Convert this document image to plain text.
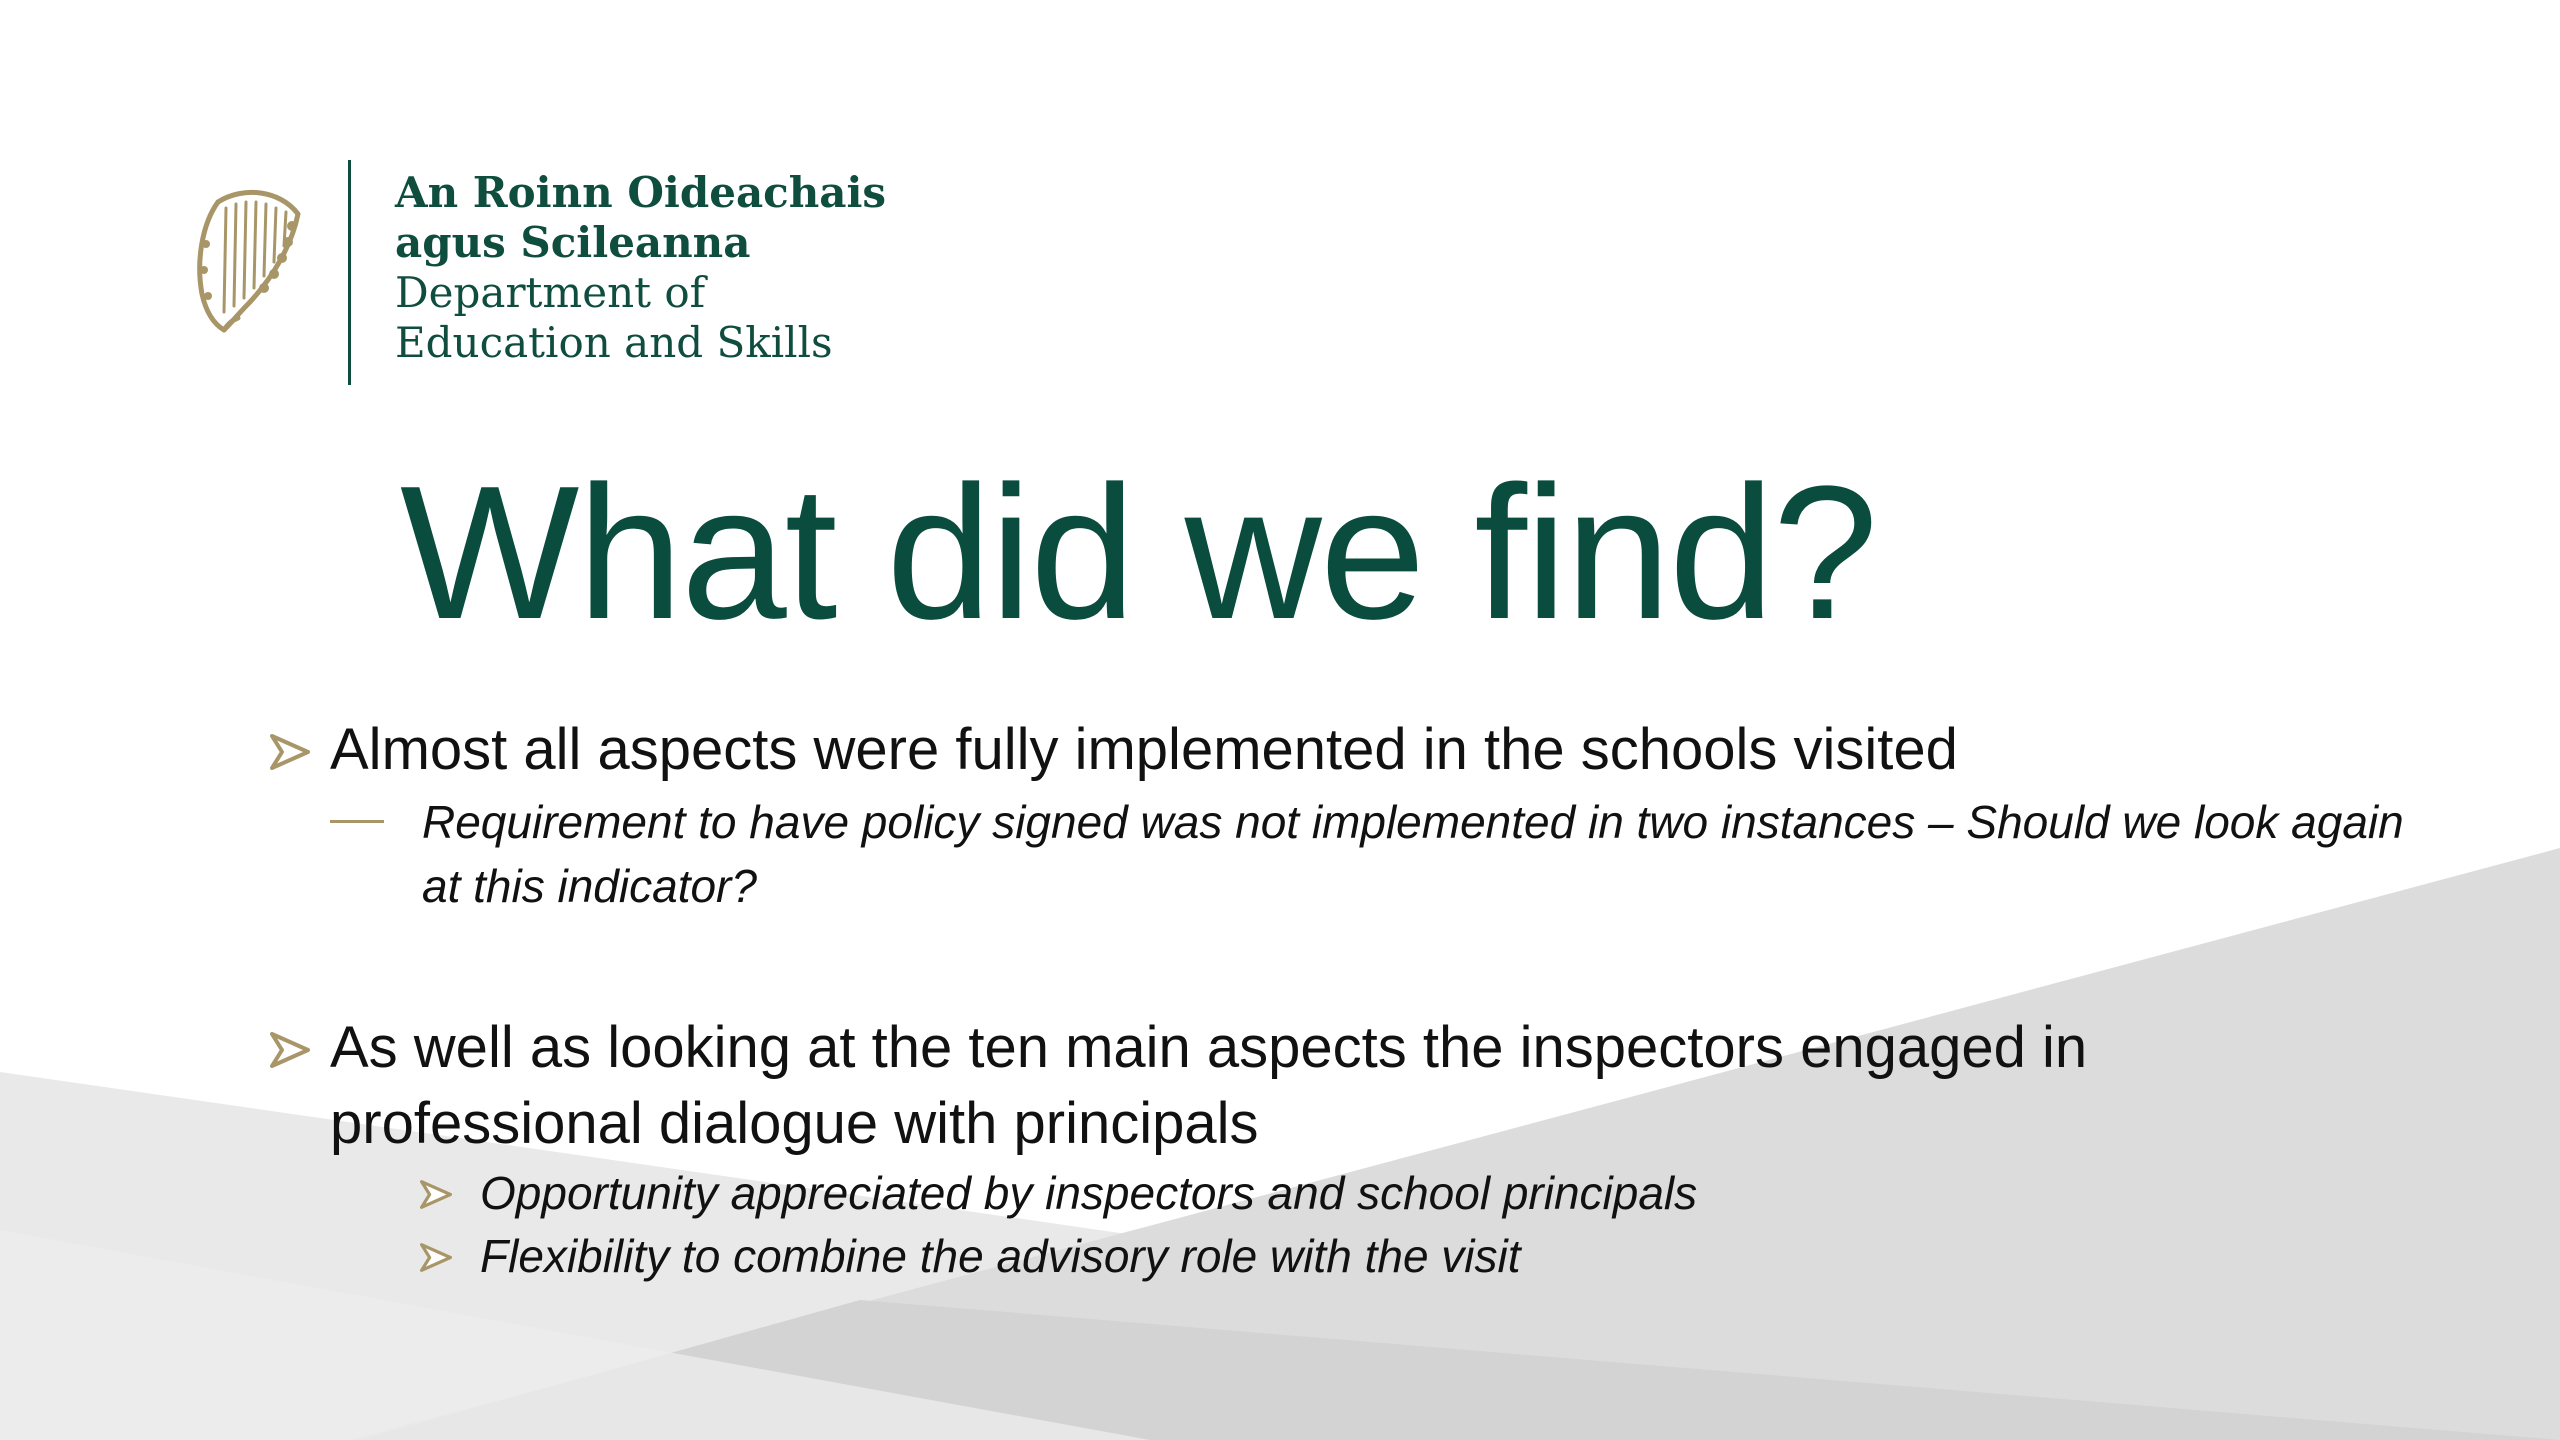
An Roinn Oideachais
agus Scileanna
Department of
Education and Skills
What did we find?
Almost all aspects were fully implemented in the schools visited
Requirement to have policy signed was not implemented in two instances – Should we look again at this indicator?
As well as looking at the ten main aspects the inspectors engaged in professional dialogue with principals
Opportunity appreciated by inspectors and school principals
Flexibility to combine the advisory role with the visit
